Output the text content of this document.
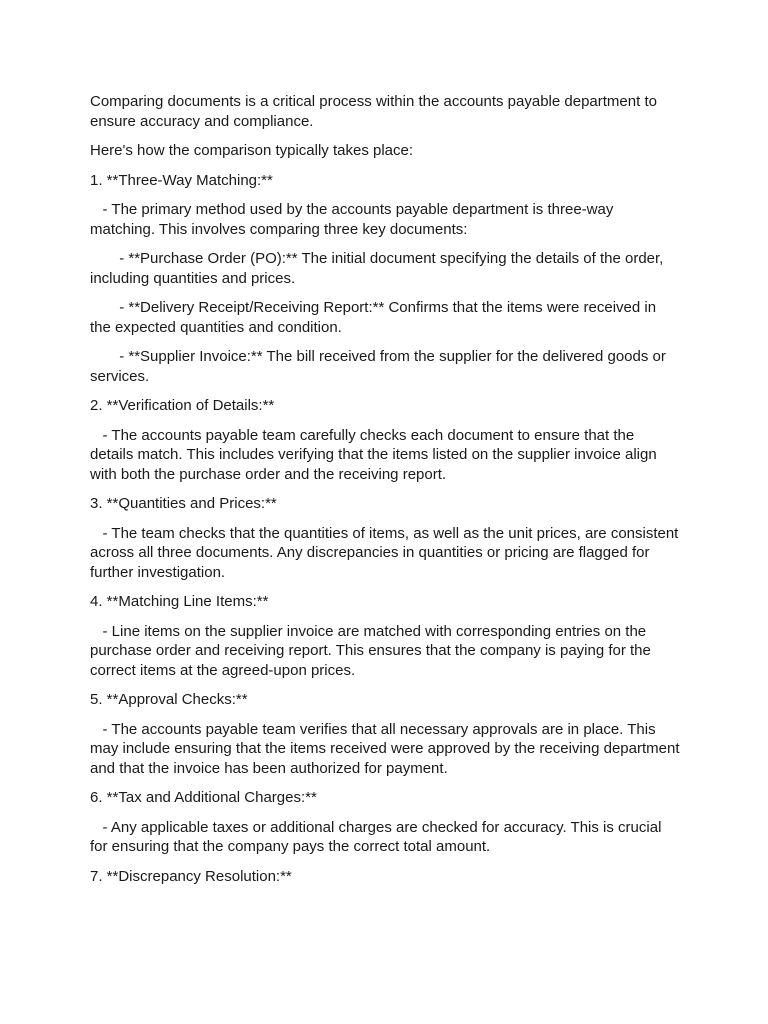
Comparing documents is a critical process within the accounts payable department to ensure accuracy and compliance.

Here's how the comparison typically takes place:

1. **Three-Way Matching:**

- The primary method used by the accounts payable department is three-way matching. This involves comparing three key documents:

- **Purchase Order (PO):** The initial document specifying the details of the order, including quantities and prices.

- **Delivery Receipt/Receiving Report:** Confirms that the items were received in the expected quantities and condition.

- **Supplier Invoice:** The bill received from the supplier for the delivered goods or services.

2. **Verification of Details:**

- The accounts payable team carefully checks each document to ensure that the details match. This includes verifying that the items listed on the supplier invoice align with both the purchase order and the receiving report.

3. **Quantities and Prices:**

- The team checks that the quantities of items, as well as the unit prices, are consistent across all three documents. Any discrepancies in quantities or pricing are flagged for further investigation.

4. **Matching Line Items:**

- Line items on the supplier invoice are matched with corresponding entries on the purchase order and receiving report. This ensures that the company is paying for the correct items at the agreed-upon prices.

5. **Approval Checks:**

- The accounts payable team verifies that all necessary approvals are in place. This may include ensuring that the items received were approved by the receiving department and that the invoice has been authorized for payment.

6. **Tax and Additional Charges:**

- Any applicable taxes or additional charges are checked for accuracy. This is crucial for ensuring that the company pays the correct total amount.

7. **Discrepancy Resolution:**
